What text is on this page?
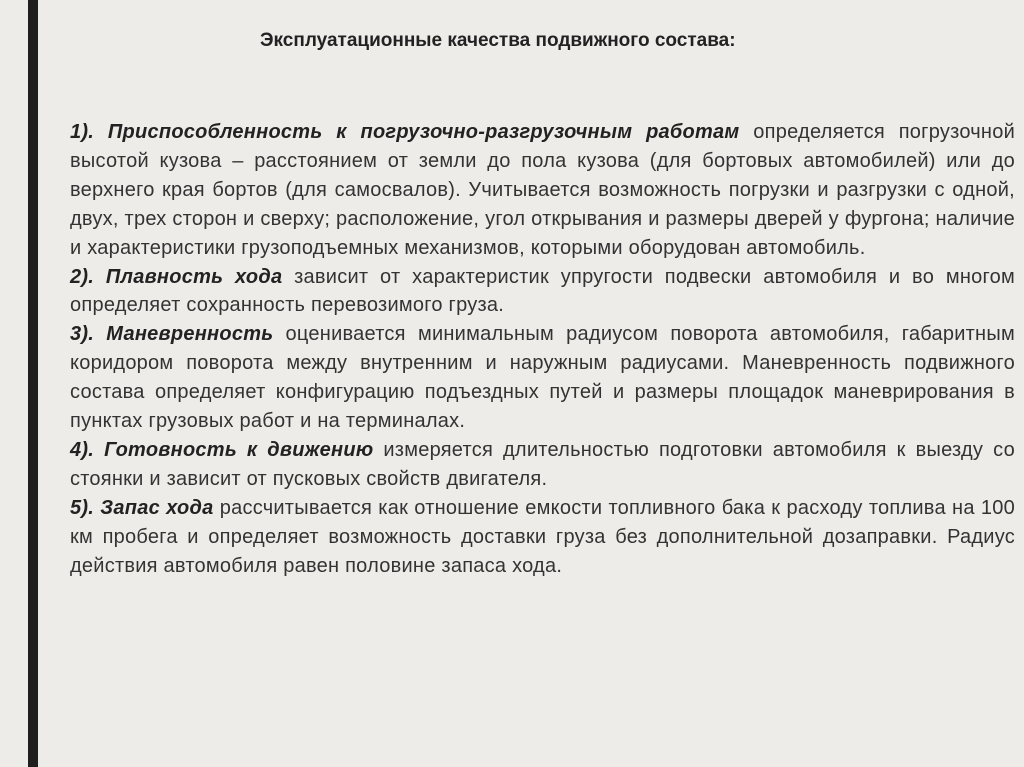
Эксплуатационные качества подвижного состава:

1). Приспособленность к погрузочно-разгрузочным работам определяется погрузочной высотой кузова – расстоянием от земли до пола кузова (для бортовых автомобилей) или до верхнего края бортов (для самосвалов). Учитывается возможность погрузки и разгрузки с одной, двух, трех сторон и сверху; расположение, угол открывания и размеры дверей у фургона; наличие и характеристики грузоподъемных механизмов, которыми оборудован автомобиль.

2). Плавность хода зависит от характеристик упругости подвески автомобиля и во многом определяет сохранность перевозимого груза.

3). Маневренность оценивается минимальным радиусом поворота автомобиля, габаритным коридором поворота между внутренним и наружным радиусами. Маневренность подвижного состава определяет конфигурацию подъездных путей и размеры площадок маневрирования в пунктах грузовых работ и на терминалах.

4). Готовность к движению измеряется длительностью подготовки автомобиля к выезду со стоянки и зависит от пусковых свойств двигателя.

5). Запас хода рассчитывается как отношение емкости топливного бака к расходу топлива на 100 км пробега и определяет возможность доставки груза без дополнительной дозаправки. Радиус действия автомобиля равен половине запаса хода.
